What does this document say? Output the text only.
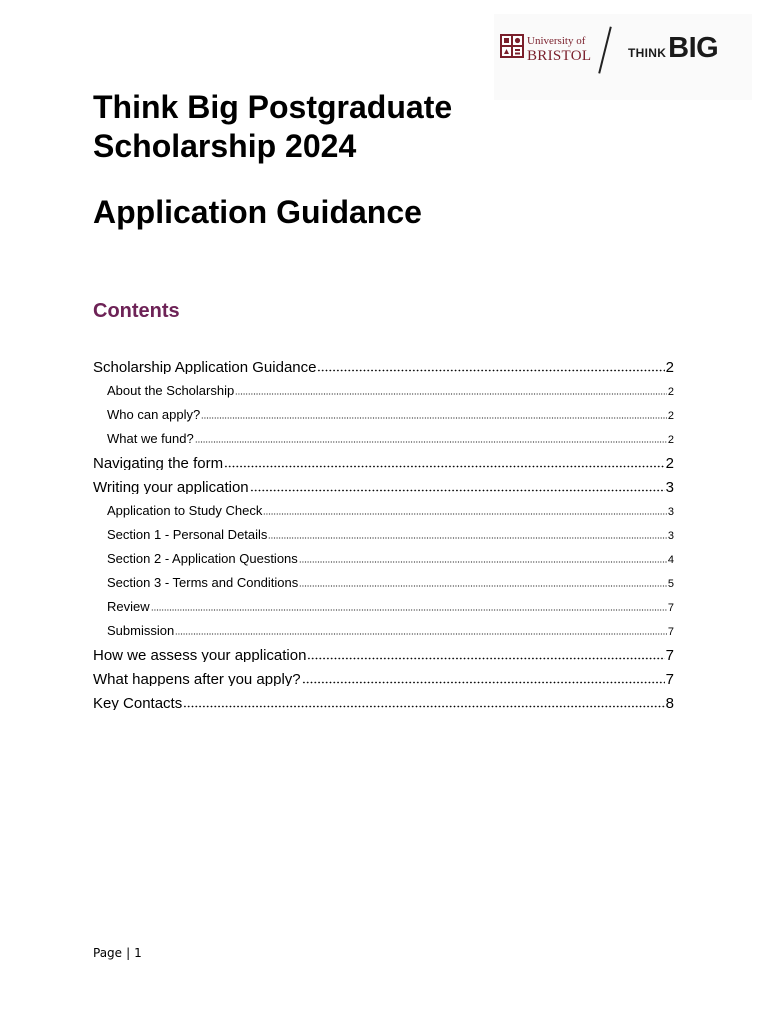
University of
BRISTOL	THINKBIG
Think Big Postgraduate Scholarship 2024
Application Guidance
Contents
Scholarship Application Guidance	2
About the Scholarship	2
Who can apply?	2
What we fund?	2
Navigating the form	2
Writing your application	3
Application to Study Check	3
Section 1 - Personal Details	3
Section 2 - Application Questions	4
Section 3 - Terms and Conditions	5
Review	7
Submission	7
How we assess your application	7
What happens after you apply?	7
Key Contacts	8
Page | 1
